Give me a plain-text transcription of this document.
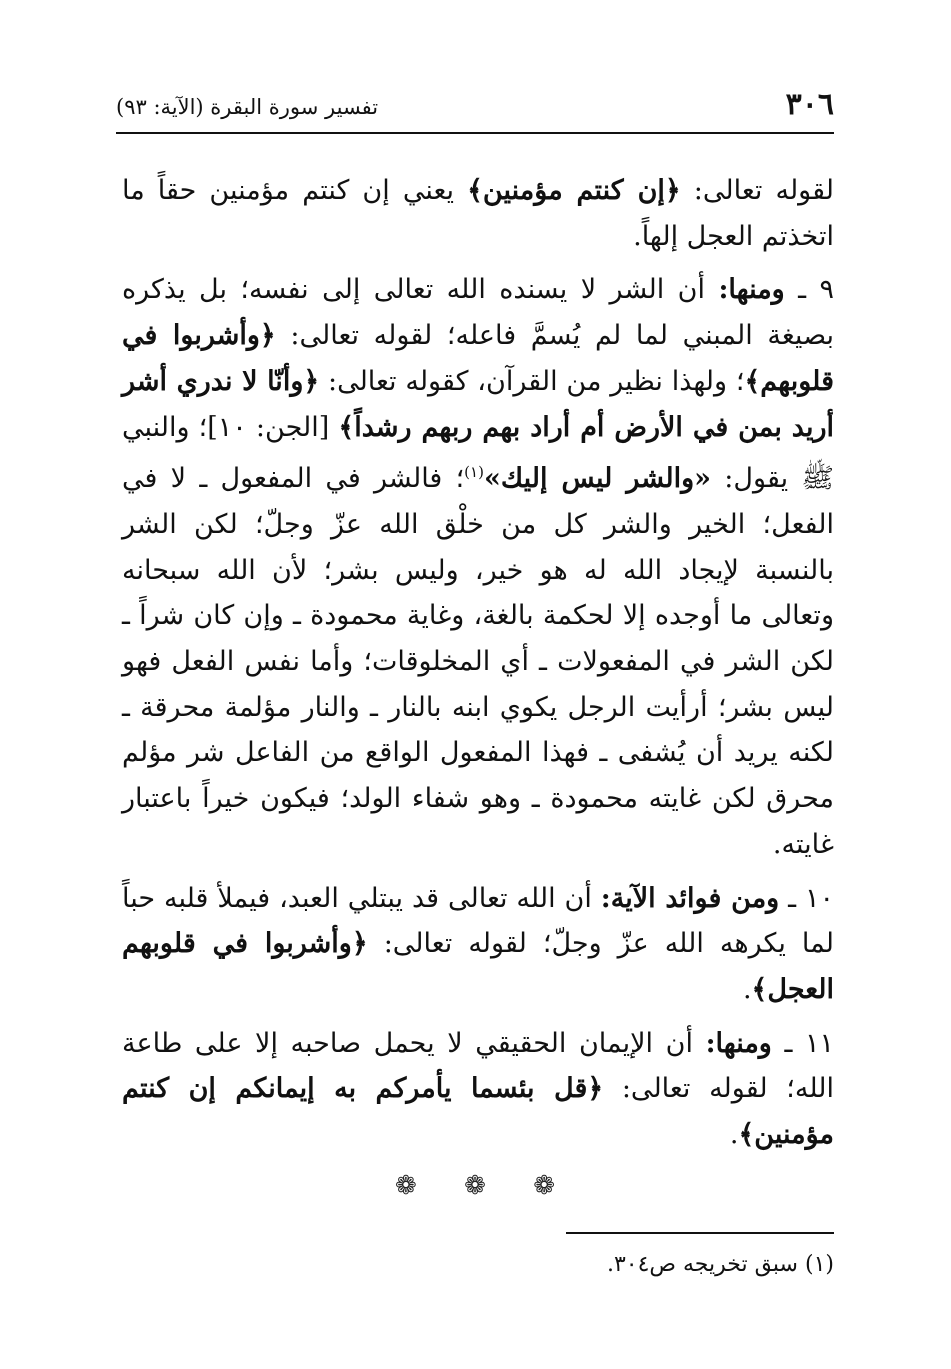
٣٠٦
تفسير سورة البقرة (الآية: ٩٣)

لقوله تعالى: ﴿إن كنتم مؤمنين﴾ يعني إن كنتم مؤمنين حقاً ما اتخذتم العجل إلهاً.

٩ ـ ومنها: أن الشر لا يسنده الله تعالى إلى نفسه؛ بل يذكره بصيغة المبني لما لم يُسمَّ فاعله؛ لقوله تعالى: ﴿وأشربوا في قلوبهم﴾؛ ولهذا نظير من القرآن، كقوله تعالى: ﴿وأنّا لا ندري أشر أريد بمن في الأرض أم أراد بهم ربهم رشداً﴾ [الجن: ١٠]؛ والنبي ﷺ يقول: «والشر ليس إليك»$^{(١)}$؛ فالشر في المفعول ـ لا في الفعل؛ الخير والشر كل من خلْق الله عزّ وجلّ؛ لكن الشر بالنسبة لإيجاد الله له هو خير، وليس بشر؛ لأن الله سبحانه وتعالى ما أوجده إلا لحكمة بالغة، وغاية محمودة ـ وإن كان شراً ـ لكن الشر في المفعولات ـ أي المخلوقات؛ وأما نفس الفعل فهو ليس بشر؛ أرأيت الرجل يكوي ابنه بالنار ـ والنار مؤلمة محرقة ـ لكنه يريد أن يُشفى ـ فهذا المفعول الواقع من الفاعل شر مؤلم محرق لكن غايته محمودة ـ وهو شفاء الولد؛ فيكون خيراً باعتبار غايته.

١٠ ـ ومن فوائد الآية: أن الله تعالى قد يبتلي العبد، فيملأ قلبه حباً لما يكرهه الله عزّ وجلّ؛ لقوله تعالى: ﴿وأشربوا في قلوبهم العجل﴾.

١١ ـ ومنها: أن الإيمان الحقيقي لا يحمل صاحبه إلا على طاعة الله؛ لقوله تعالى: ﴿قل بئسما يأمركم به إيمانكم إن كنتم مؤمنين﴾.

❁ ❁ ❁
(١) سبق تخريجه ص٣٠٤.
